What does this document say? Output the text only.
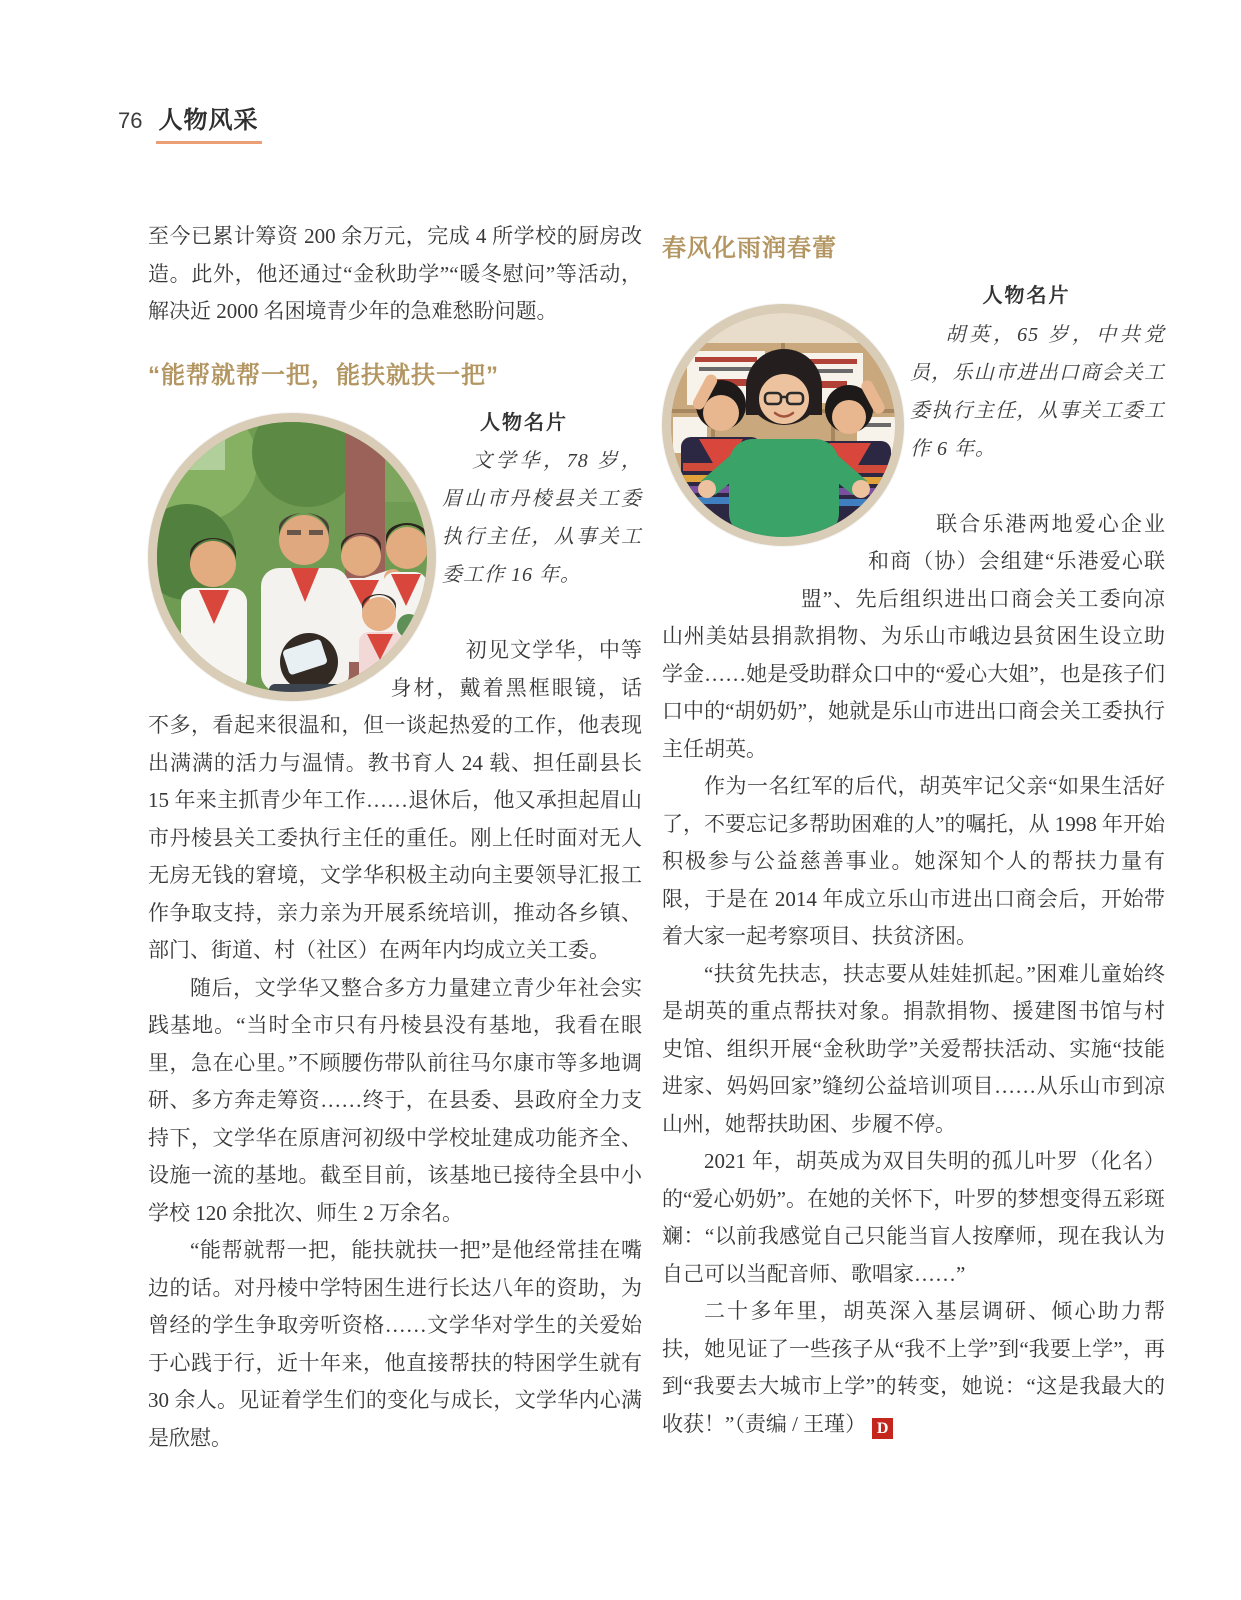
76 人物风采

至今已累计筹资 200 余万元，完成 4 所学校的厨房改造。此外，他还通过“金秋助学”“暖冬慰问”等活动，解决近 2000 名困境青少年的急难愁盼问题。

“能帮就帮一把，能扶就扶一把”

人物名片

文学华，78 岁，眉山市丹棱县关工委执行主任，从事关工委工作 16 年。

初见文学华，中等身材，戴着黑框眼镜，话不多，看起来很温和，但一谈起热爱的工作，他表现出满满的活力与温情。教书育人 24 载、担任副县长 15 年来主抓青少年工作……退休后，他又承担起眉山市丹棱县关工委执行主任的重任。刚上任时面对无人无房无钱的窘境，文学华积极主动向主要领导汇报工作争取支持，亲力亲为开展系统培训，推动各乡镇、部门、街道、村（社区）在两年内均成立关工委。

随后，文学华又整合多方力量建立青少年社会实践基地。“当时全市只有丹棱县没有基地，我看在眼里，急在心里。”不顾腰伤带队前往马尔康市等多地调研、多方奔走筹资……终于，在县委、县政府全力支持下，文学华在原唐河初级中学校址建成功能齐全、设施一流的基地。截至目前，该基地已接待全县中小学校 120 余批次、师生 2 万余名。

“能帮就帮一把，能扶就扶一把”是他经常挂在嘴边的话。对丹棱中学特困生进行长达八年的资助，为曾经的学生争取旁听资格……文学华对学生的关爱始于心践于行，近十年来，他直接帮扶的特困学生就有 30 余人。见证着学生们的变化与成长，文学华内心满是欣慰。

春风化雨润春蕾

人物名片

胡英，65 岁，中共党员，乐山市进出口商会关工委执行主任，从事关工委工作 6 年。

联合乐港两地爱心企业和商（协）会组建“乐港爱心联盟”、先后组织进出口商会关工委向凉山州美姑县捐款捐物、为乐山市峨边县贫困生设立助学金……她是受助群众口中的“爱心大姐”，也是孩子们口中的“胡奶奶”，她就是乐山市进出口商会关工委执行主任胡英。

作为一名红军的后代，胡英牢记父亲“如果生活好了，不要忘记多帮助困难的人”的嘱托，从 1998 年开始积极参与公益慈善事业。她深知个人的帮扶力量有限，于是在 2014 年成立乐山市进出口商会后，开始带着大家一起考察项目、扶贫济困。

“扶贫先扶志，扶志要从娃娃抓起。”困难儿童始终是胡英的重点帮扶对象。捐款捐物、援建图书馆与村史馆、组织开展“金秋助学”关爱帮扶活动、实施“技能进家、妈妈回家”缝纫公益培训项目……从乐山市到凉山州，她帮扶助困、步履不停。

2021 年，胡英成为双目失明的孤儿叶罗（化名）的“爱心奶奶”。在她的关怀下，叶罗的梦想变得五彩斑斓：“以前我感觉自己只能当盲人按摩师，现在我认为自己可以当配音师、歌唱家……”

二十多年里，胡英深入基层调研、倾心助力帮扶，她见证了一些孩子从“我不上学”到“我要上学”，再到“我要去大城市上学”的转变，她说：“这是我最大的收获！”（责编 / 王瑾） D
